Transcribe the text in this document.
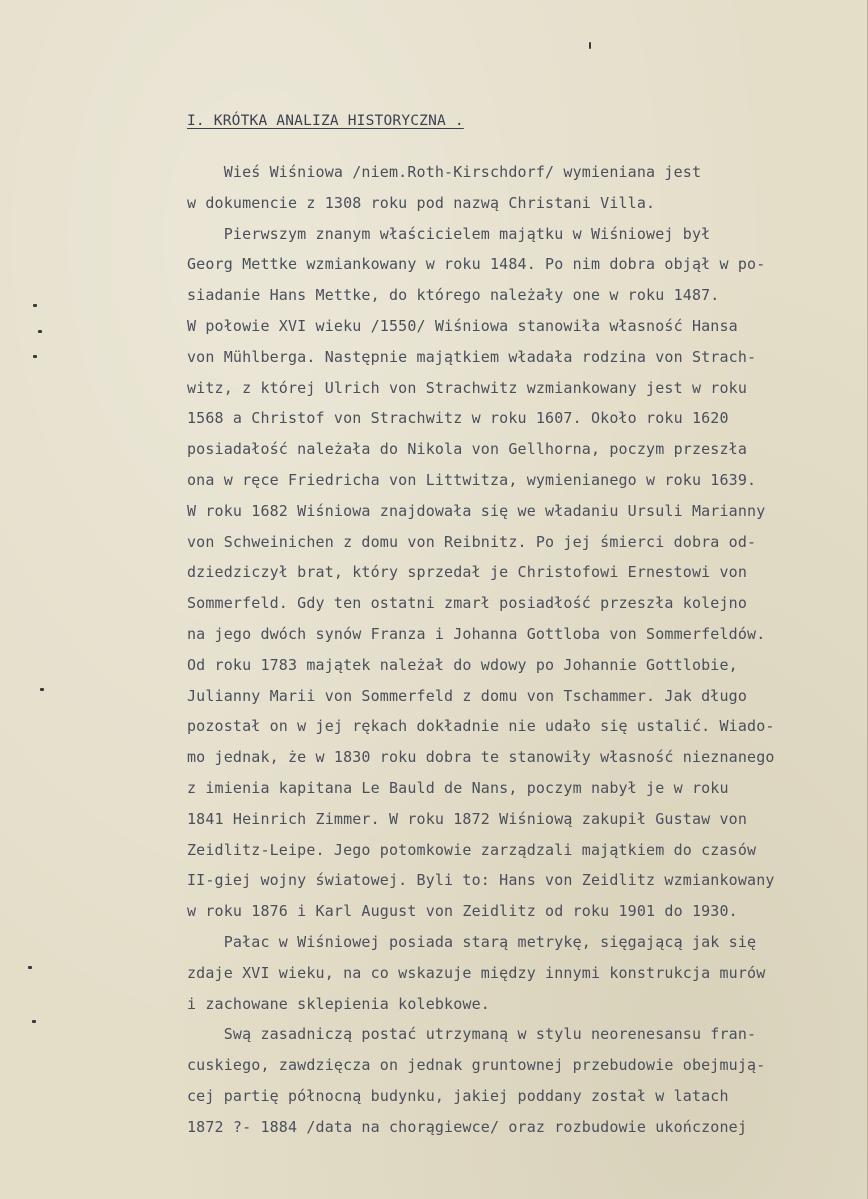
I. KRÓTKA ANALIZA HISTORYCZNA .
Wieś Wiśniowa /niem.Roth-Kirschdorf/ wymieniana jest
w dokumencie z 1308 roku pod nazwą Christani Villa.
Pierwszym znanym właścicielem majątku w Wiśniowej był
Georg Mettke wzmiankowany w roku 1484. Po nim dobra objął w po-
siadanie Hans Mettke, do którego należały one w roku 1487.
W połowie XVI wieku /1550/ Wiśniowa stanowiła własność Hansa
von Mühlberga. Następnie majątkiem władała rodzina von Strach-
witz, z której Ulrich von Strachwitz wzmiankowany jest w roku
1568 a Christof von Strachwitz w roku 1607. Około roku 1620
posiadałość należała do Nikola von Gellhorna, poczym przeszła
ona w ręce Friedricha von Littwitza, wymienianego w roku 1639.
W roku 1682 Wiśniowa znajdowała się we władaniu Ursuli Marianny
von Schweinichen z domu von Reibnitz. Po jej śmierci dobra od-
dziedziczył brat, który sprzedał je Christofowi Ernestowi von
Sommerfeld. Gdy ten ostatni zmarł posiadłość przeszła kolejno
na jego dwóch synów Franza i Johanna Gottloba von Sommerfeldów.
Od roku 1783 majątek należał do wdowy po Johannie Gottlobie,
Julianny Marii von Sommerfeld z domu von Tschammer. Jak długo
pozostał on w jej rękach dokładnie nie udało się ustalić. Wiado-
mo jednak, że w 1830 roku dobra te stanowiły własność nieznanego
z imienia kapitana Le Bauld de Nans, poczym nabył je w roku
1841 Heinrich Zimmer. W roku 1872 Wiśniową zakupił Gustaw von
Zeidlitz-Leipe. Jego potomkowie zarządzali majątkiem do czasów
II-giej wojny światowej. Byli to: Hans von Zeidlitz wzmiankowany
w roku 1876 i Karl August von Zeidlitz od roku 1901 do 1930.
Pałac w Wiśniowej posiada starą metrykę, sięgającą jak się
zdaje XVI wieku, na co wskazuje między innymi konstrukcja murów
i zachowane sklepienia kolebkowe.
Swą zasadniczą postać utrzymaną w stylu neorenesansu fran-
cuskiego, zawdzięcza on jednak gruntownej przebudowie obejmują-
cej partię północną budynku, jakiej poddany został w latach
1872 ?- 1884 /data na chorągiewce/ oraz rozbudowie ukończonej
